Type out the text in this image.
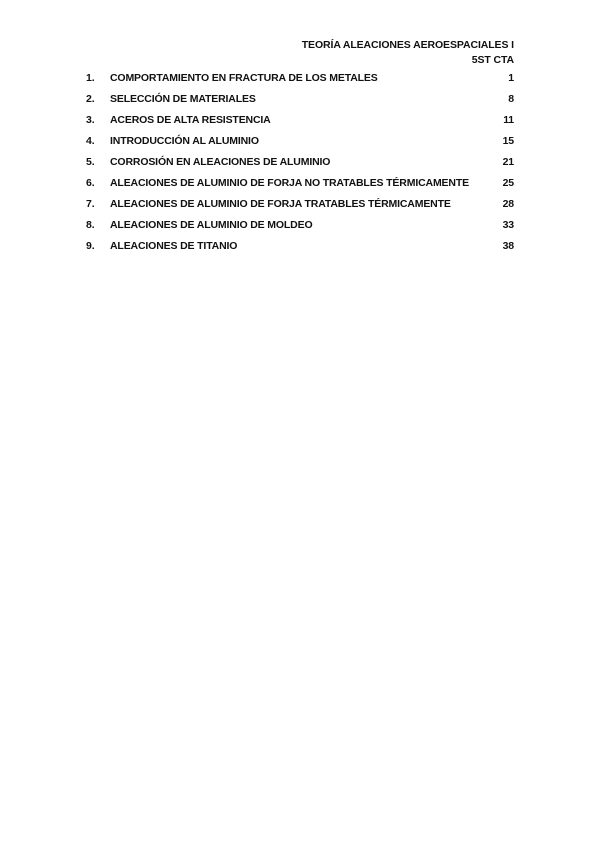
TEORÍA ALEACIONES AEROESPACIALES I
5ST CTA
1.	COMPORTAMIENTO EN FRACTURA DE LOS METALES	1
2.	SELECCIÓN DE MATERIALES	8
3.	ACEROS DE ALTA RESISTENCIA	11
4.	INTRODUCCIÓN AL ALUMINIO	15
5.	CORROSIÓN EN ALEACIONES DE ALUMINIO	21
6.	ALEACIONES DE ALUMINIO DE FORJA NO TRATABLES TÉRMICAMENTE	25
7.	ALEACIONES DE ALUMINIO DE FORJA TRATABLES TÉRMICAMENTE	28
8.	ALEACIONES DE ALUMINIO DE MOLDEO	33
9.	ALEACIONES DE TITANIO	38
